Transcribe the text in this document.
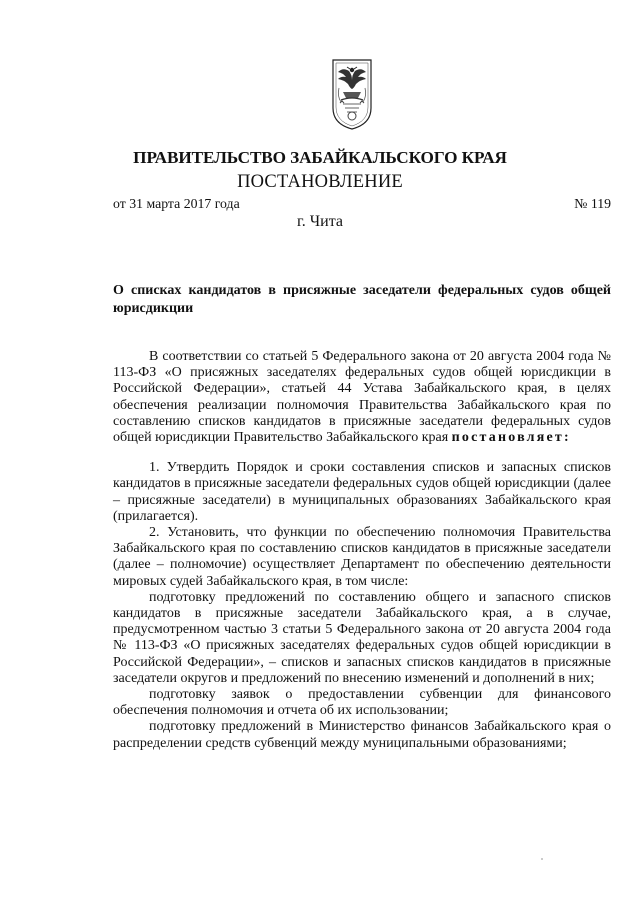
ПРАВИТЕЛЬСТВО ЗАБАЙКАЛЬСКОГО КРАЯ
ПОСТАНОВЛЕНИЕ
от 31 марта 2017 года	№ 119
г. Чита
О списках кандидатов в присяжные заседатели федеральных судов общей юрисдикции

В соответствии со статьей 5 Федерального закона от 20 августа 2004 года № 113-ФЗ «О присяжных заседателях федеральных судов общей юрисдикции в Российской Федерации», статьей 44 Устава Забайкальского края, в целях обеспечения реализации полномочия Правительства Забайкальского края по составлению списков кандидатов в присяжные заседатели федеральных судов общей юрисдикции Правительство Забайкальского края постановляет:

1. Утвердить Порядок и сроки составления списков и запасных списков кандидатов в присяжные заседатели федеральных судов общей юрисдикции (далее – присяжные заседатели) в муниципальных образованиях Забайкальского края (прилагается).

2. Установить, что функции по обеспечению полномочия Правительства Забайкальского края по составлению списков кандидатов в присяжные заседатели (далее – полномочие) осуществляет Департамент по обеспечению деятельности мировых судей Забайкальского края, в том числе:

подготовку предложений по составлению общего и запасного списков кандидатов в присяжные заседатели Забайкальского края, а в случае, предусмотренном частью 3 статьи 5 Федерального закона от 20 августа 2004 года № 113-ФЗ «О присяжных заседателях федеральных судов общей юрисдикции в Российской Федерации», – списков и запасных списков кандидатов в присяжные заседатели округов и предложений по внесению изменений и дополнений в них;

подготовку заявок о предоставлении субвенции для финансового обеспечения полномочия и отчета об их использовании;

подготовку предложений в Министерство финансов Забайкальского края о распределении средств субвенций между муниципальными образованиями;
